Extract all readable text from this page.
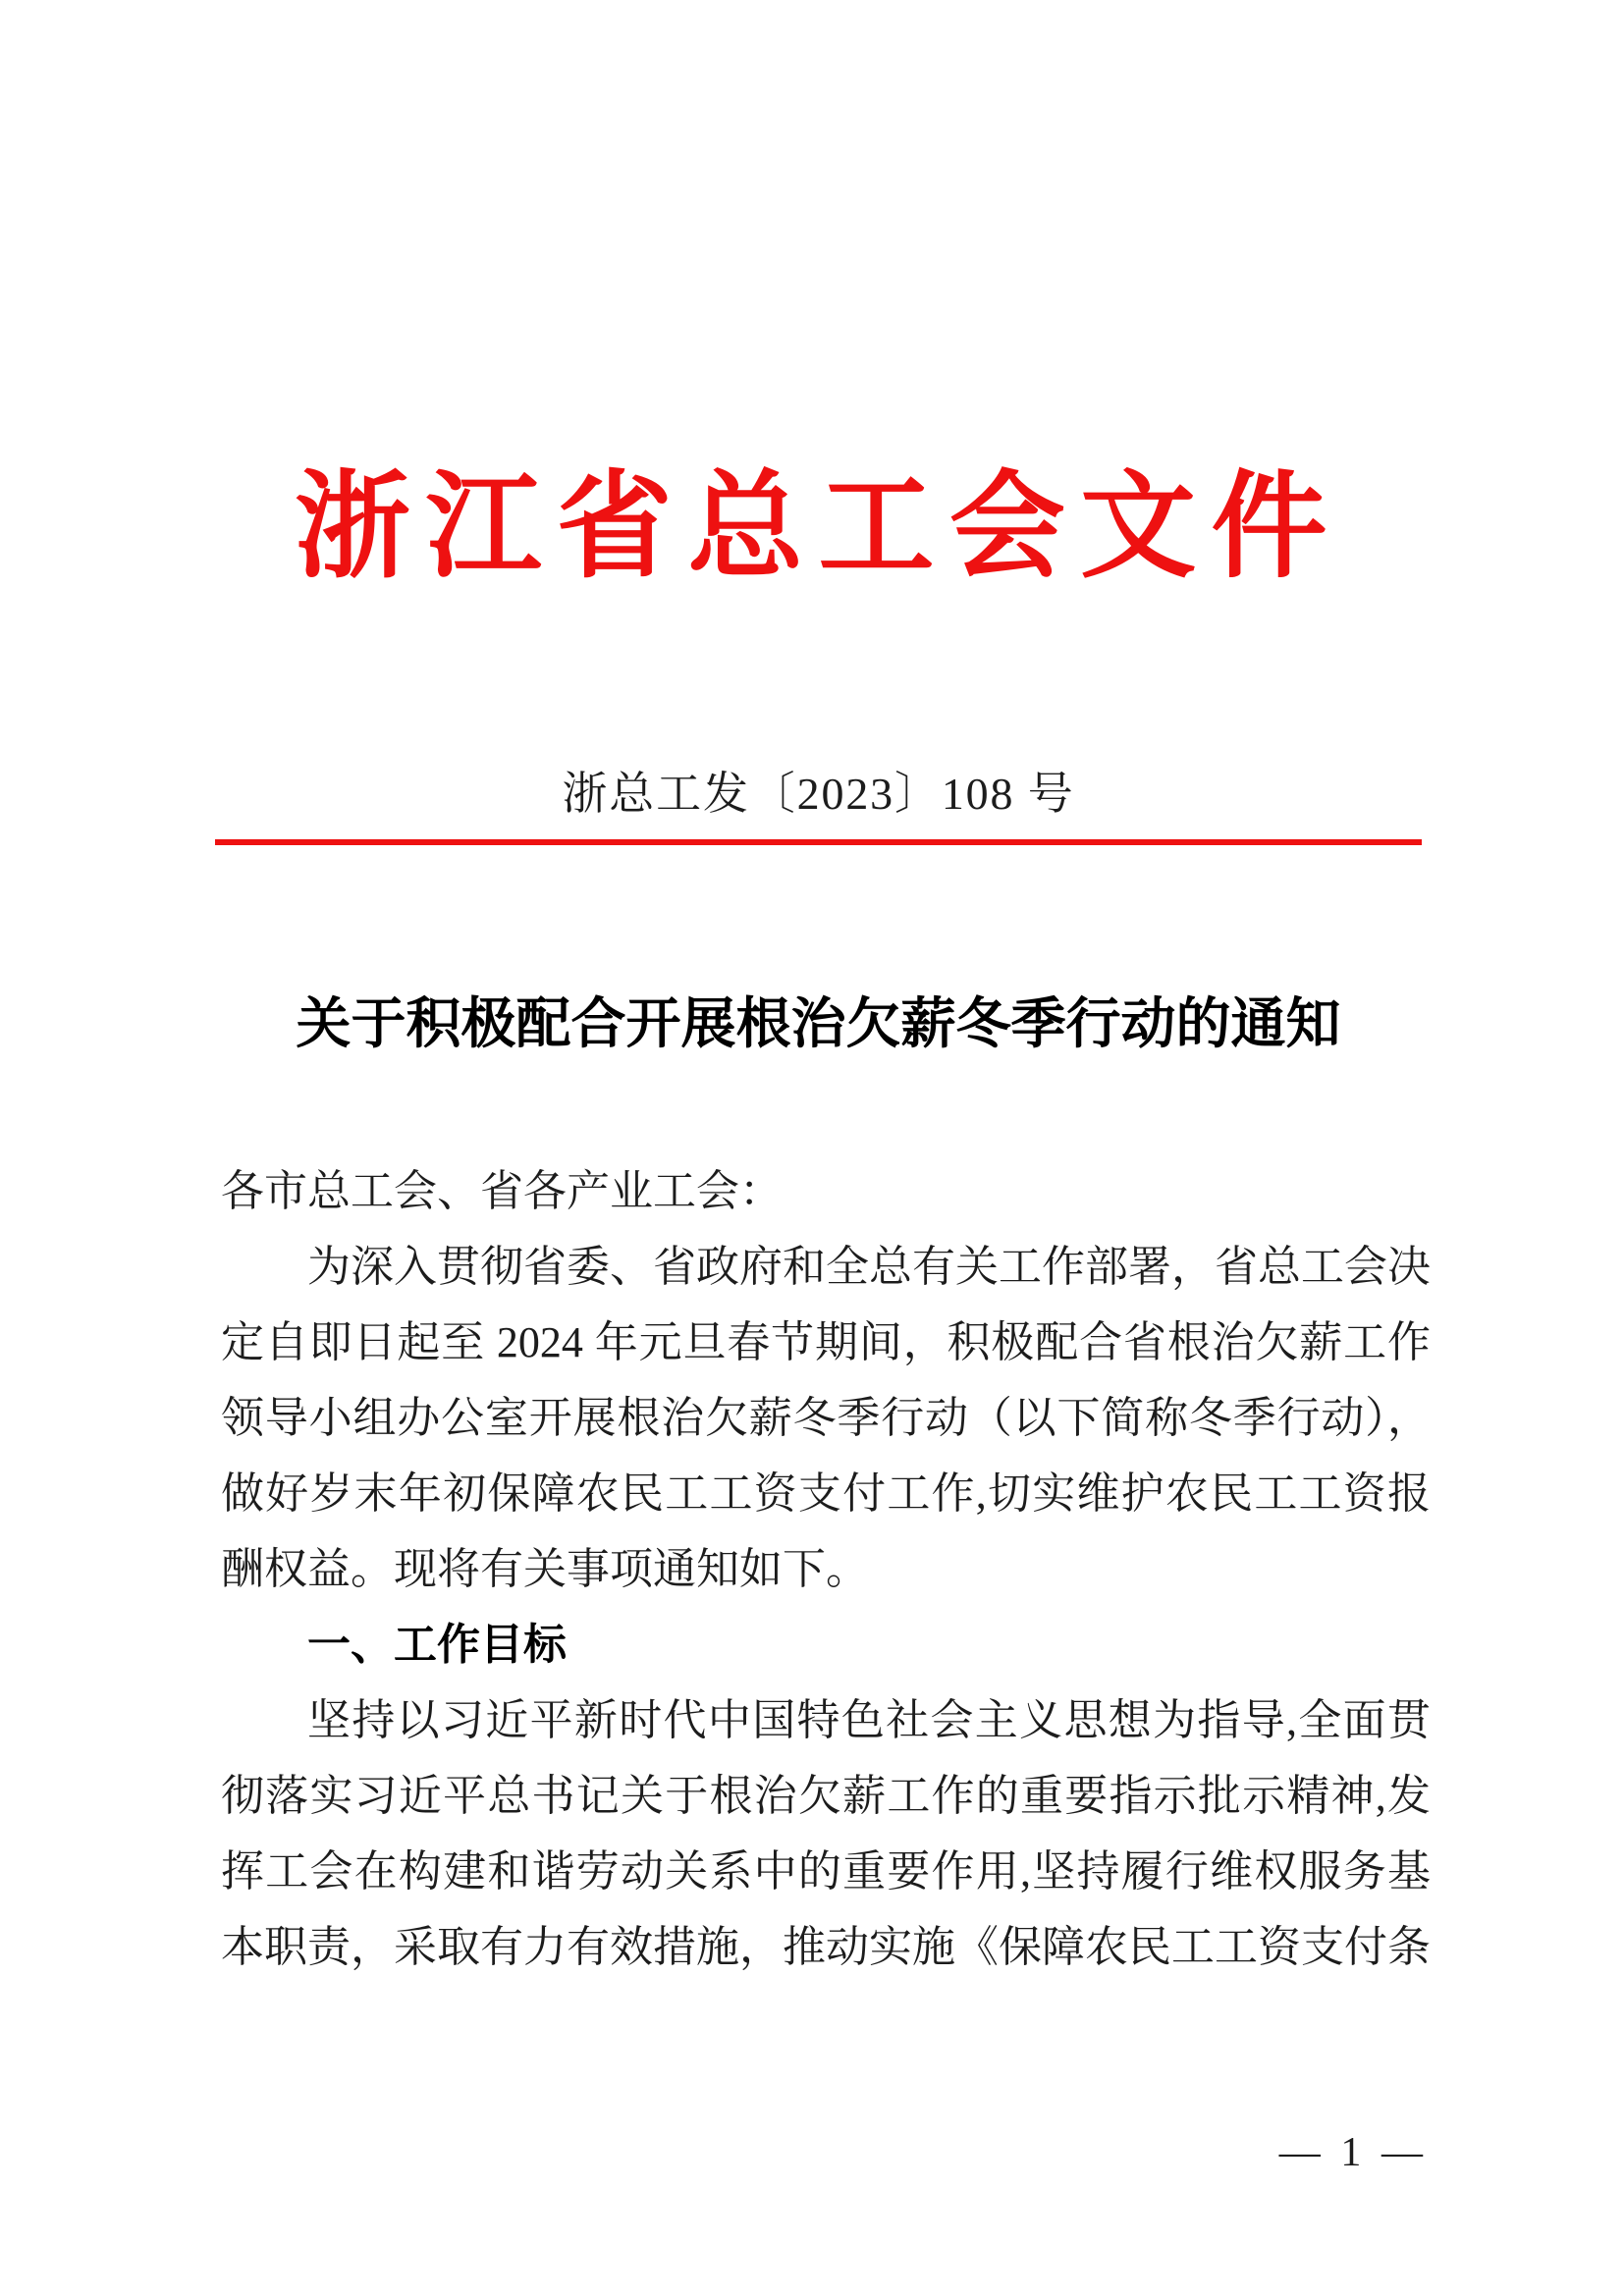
浙江省总工会文件
浙总工发〔2023〕108 号
关于积极配合开展根治欠薪冬季行动的通知
各市总工会、省各产业工会：
为深入贯彻省委、省政府和全总有关工作部署，省总工会决
定自即日起至 2024 年元旦春节期间，积极配合省根治欠薪工作
领导小组办公室开展根治欠薪冬季行动（以下简称冬季行动），
做好岁末年初保障农民工工资支付工作,切实维护农民工工资报
酬权益。现将有关事项通知如下。
一、工作目标
坚持以习近平新时代中国特色社会主义思想为指导,全面贯
彻落实习近平总书记关于根治欠薪工作的重要指示批示精神,发
挥工会在构建和谐劳动关系中的重要作用,坚持履行维权服务基
本职责，采取有力有效措施，推动实施《保障农民工工资支付条
— 1 —
